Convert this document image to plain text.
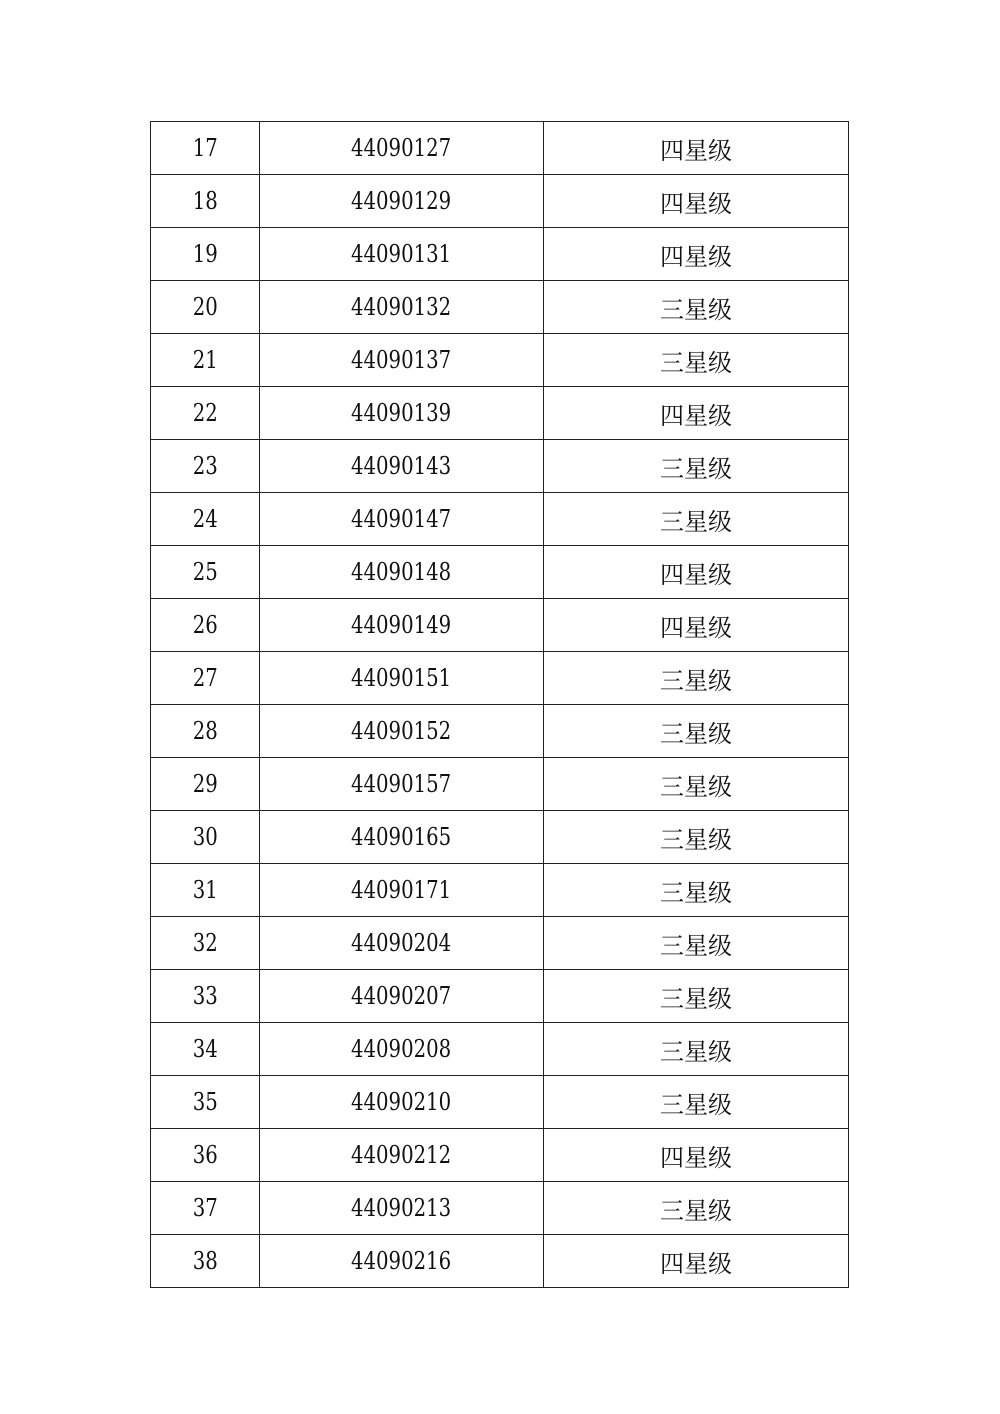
17	44090127	四星级
18	44090129	四星级
19	44090131	四星级
20	44090132	三星级
21	44090137	三星级
22	44090139	四星级
23	44090143	三星级
24	44090147	三星级
25	44090148	四星级
26	44090149	四星级
27	44090151	三星级
28	44090152	三星级
29	44090157	三星级
30	44090165	三星级
31	44090171	三星级
32	44090204	三星级
33	44090207	三星级
34	44090208	三星级
35	44090210	三星级
36	44090212	四星级
37	44090213	三星级
38	44090216	四星级
